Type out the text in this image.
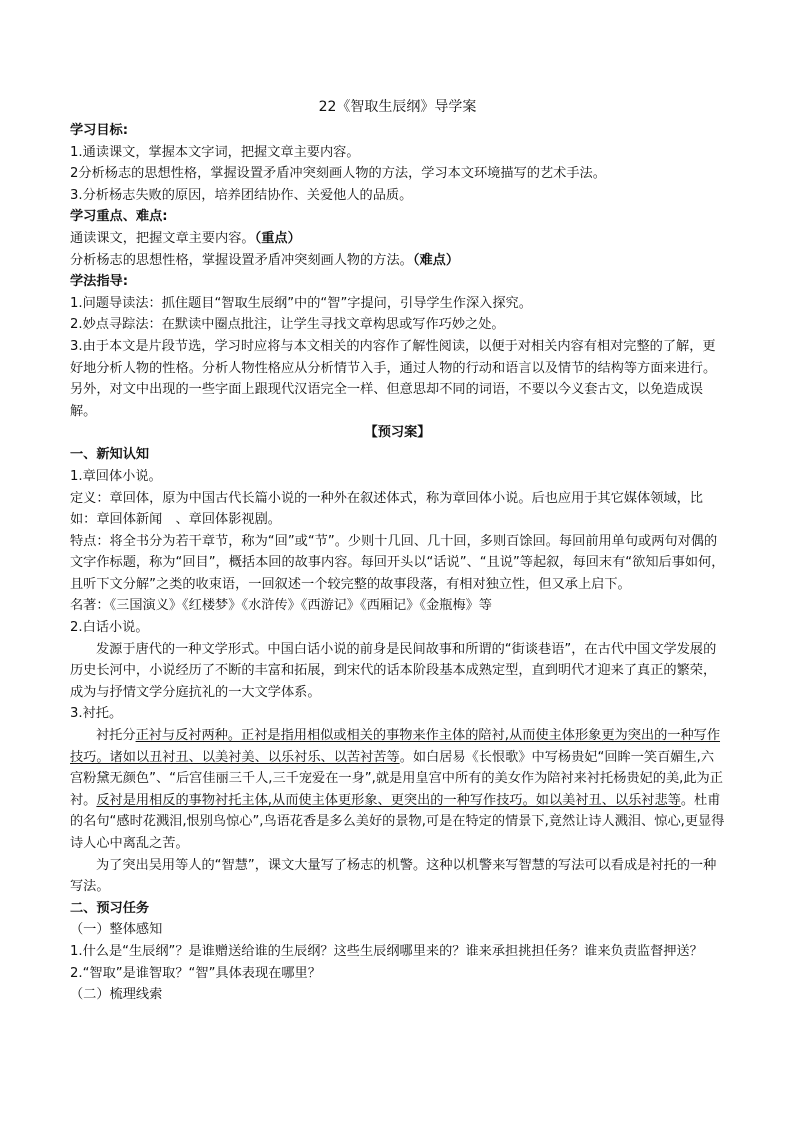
22《智取生辰纲》导学案

学习目标:

1.通读课文，掌握本文字词，把握文章主要内容。

2分析杨志的思想性格，掌握设置矛盾冲突刻画人物的方法，学习本文环境描写的艺术手法。

3.分析杨志失败的原因，培养团结协作、关爱他人的品质。

学习重点、难点:

通读课文，把握文章主要内容。（重点）

分析杨志的思想性格，掌握设置矛盾冲突刻画人物的方法。（难点）

学法指导:

1.问题导读法：抓住题目“智取生辰纲”中的“智”字提问，引导学生作深入探究。

2.妙点寻踪法：在默读中圈点批注，让学生寻找文章构思或写作巧妙之处。

3.由于本文是片段节选，学习时应将与本文相关的内容作了解性阅读，以便于对相关内容有相对完整的了解，更好地分析人物的性格。分析人物性格应从分析情节入手，通过人物的行动和语言以及情节的结构等方面来进行。另外，对文中出现的一些字面上跟现代汉语完全一样、但意思却不同的词语，不要以今义套古文，以免造成误解。

【预习案】

一、新知认知

1.章回体小说。

定义：章回体，原为中国古代长篇小说的一种外在叙述体式，称为章回体小说。后也应用于其它媒体领域，比如：章回体新闻　、章回体影视剧。

特点：将全书分为若干章节，称为“回”或“节”。少则十几回、几十回，多则百馀回。每回前用单句或两句对偶的文字作标题，称为“回目”，概括本回的故事内容。每回开头以“话说”、“且说”等起叙，每回末有“欲知后事如何，且听下文分解”之类的收束语，一回叙述一个较完整的故事段落，有相对独立性，但又承上启下。

名著：《三国演义》《红楼梦》《水浒传》《西游记》《西厢记》《金瓶梅》等

2.白话小说。

发源于唐代的一种文学形式。中国白话小说的前身是民间故事和所谓的“街谈巷语”，在古代中国文学发展的历史长河中，小说经历了不断的丰富和拓展，到宋代的话本阶段基本成熟定型，直到明代才迎来了真正的繁荣，成为与抒情文学分庭抗礼的一大文学体系。

3.衬托。

衬托分正衬与反衬两种。正衬是指用相似或相关的事物来作主体的陪衬,从而使主体形象更为突出的一种写作技巧。诸如以丑衬丑、以美衬美、以乐衬乐、以苦衬苦等。如白居易《长恨歌》中写杨贵妃“回眸一笑百媚生,六宫粉黛无颜色”、“后宫佳丽三千人,三千宠爱在一身”,就是用皇宫中所有的美女作为陪衬来衬托杨贵妃的美,此为正衬。反衬是用相反的事物衬托主体,从而使主体更形象、更突出的一种写作技巧。如以美衬丑、以乐衬悲等。杜甫的名句“感时花溅泪,恨别鸟惊心”,鸟语花香是多么美好的景物,可是在特定的情景下,竟然让诗人溅泪、惊心,更显得诗人心中离乱之苦。

为了突出吴用等人的“智慧”，课文大量写了杨志的机警。这种以机警来写智慧的写法可以看成是衬托的一种写法。

二、预习任务

（一）整体感知

1.什么是“生辰纲”？是谁赠送给谁的生辰纲？这些生辰纲哪里来的？谁来承担挑担任务？谁来负责监督押送？

2.“智取”是谁智取？“智”具体表现在哪里？

（二）梳理线索
